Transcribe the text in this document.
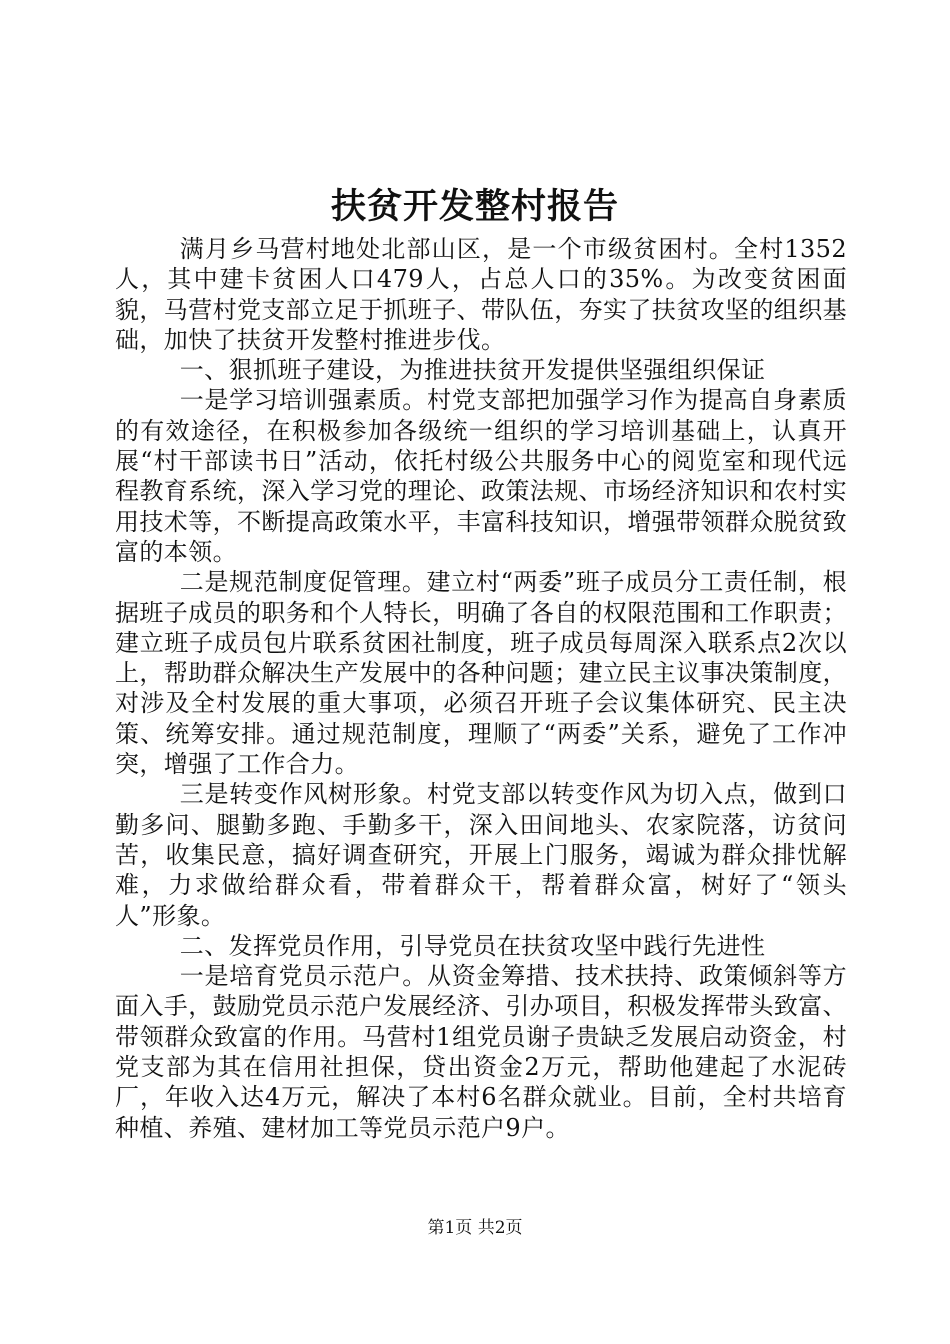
扶贫开发整村报告

满月乡马营村地处北部山区，是一个市级贫困村。全村1352人，其中建卡贫困人口479人，占总人口的35%。为改变贫困面貌，马营村党支部立足于抓班子、带队伍，夯实了扶贫攻坚的组织基础，加快了扶贫开发整村推进步伐。

一、狠抓班子建设，为推进扶贫开发提供坚强组织保证

一是学习培训强素质。村党支部把加强学习作为提高自身素质的有效途径，在积极参加各级统一组织的学习培训基础上，认真开展“村干部读书日”活动，依托村级公共服务中心的阅览室和现代远程教育系统，深入学习党的理论、政策法规、市场经济知识和农村实用技术等，不断提高政策水平，丰富科技知识，增强带领群众脱贫致富的本领。

二是规范制度促管理。建立村“两委”班子成员分工责任制，根据班子成员的职务和个人特长，明确了各自的权限范围和工作职责；建立班子成员包片联系贫困社制度，班子成员每周深入联系点2次以上，帮助群众解决生产发展中的各种问题；建立民主议事决策制度，对涉及全村发展的重大事项，必须召开班子会议集体研究、民主决策、统筹安排。通过规范制度，理顺了“两委”关系，避免了工作冲突，增强了工作合力。

三是转变作风树形象。村党支部以转变作风为切入点，做到口勤多问、腿勤多跑、手勤多干，深入田间地头、农家院落，访贫问苦，收集民意，搞好调查研究，开展上门服务，竭诚为群众排忧解难，力求做给群众看，带着群众干，帮着群众富，树好了“领头人”形象。

二、发挥党员作用，引导党员在扶贫攻坚中践行先进性

一是培育党员示范户。从资金筹措、技术扶持、政策倾斜等方面入手，鼓励党员示范户发展经济、引办项目，积极发挥带头致富、带领群众致富的作用。马营村1组党员谢子贵缺乏发展启动资金，村党支部为其在信用社担保，贷出资金2万元，帮助他建起了水泥砖厂，年收入达4万元，解决了本村6名群众就业。目前，全村共培育种植、养殖、建材加工等党员示范户9户。

第1页 共2页
